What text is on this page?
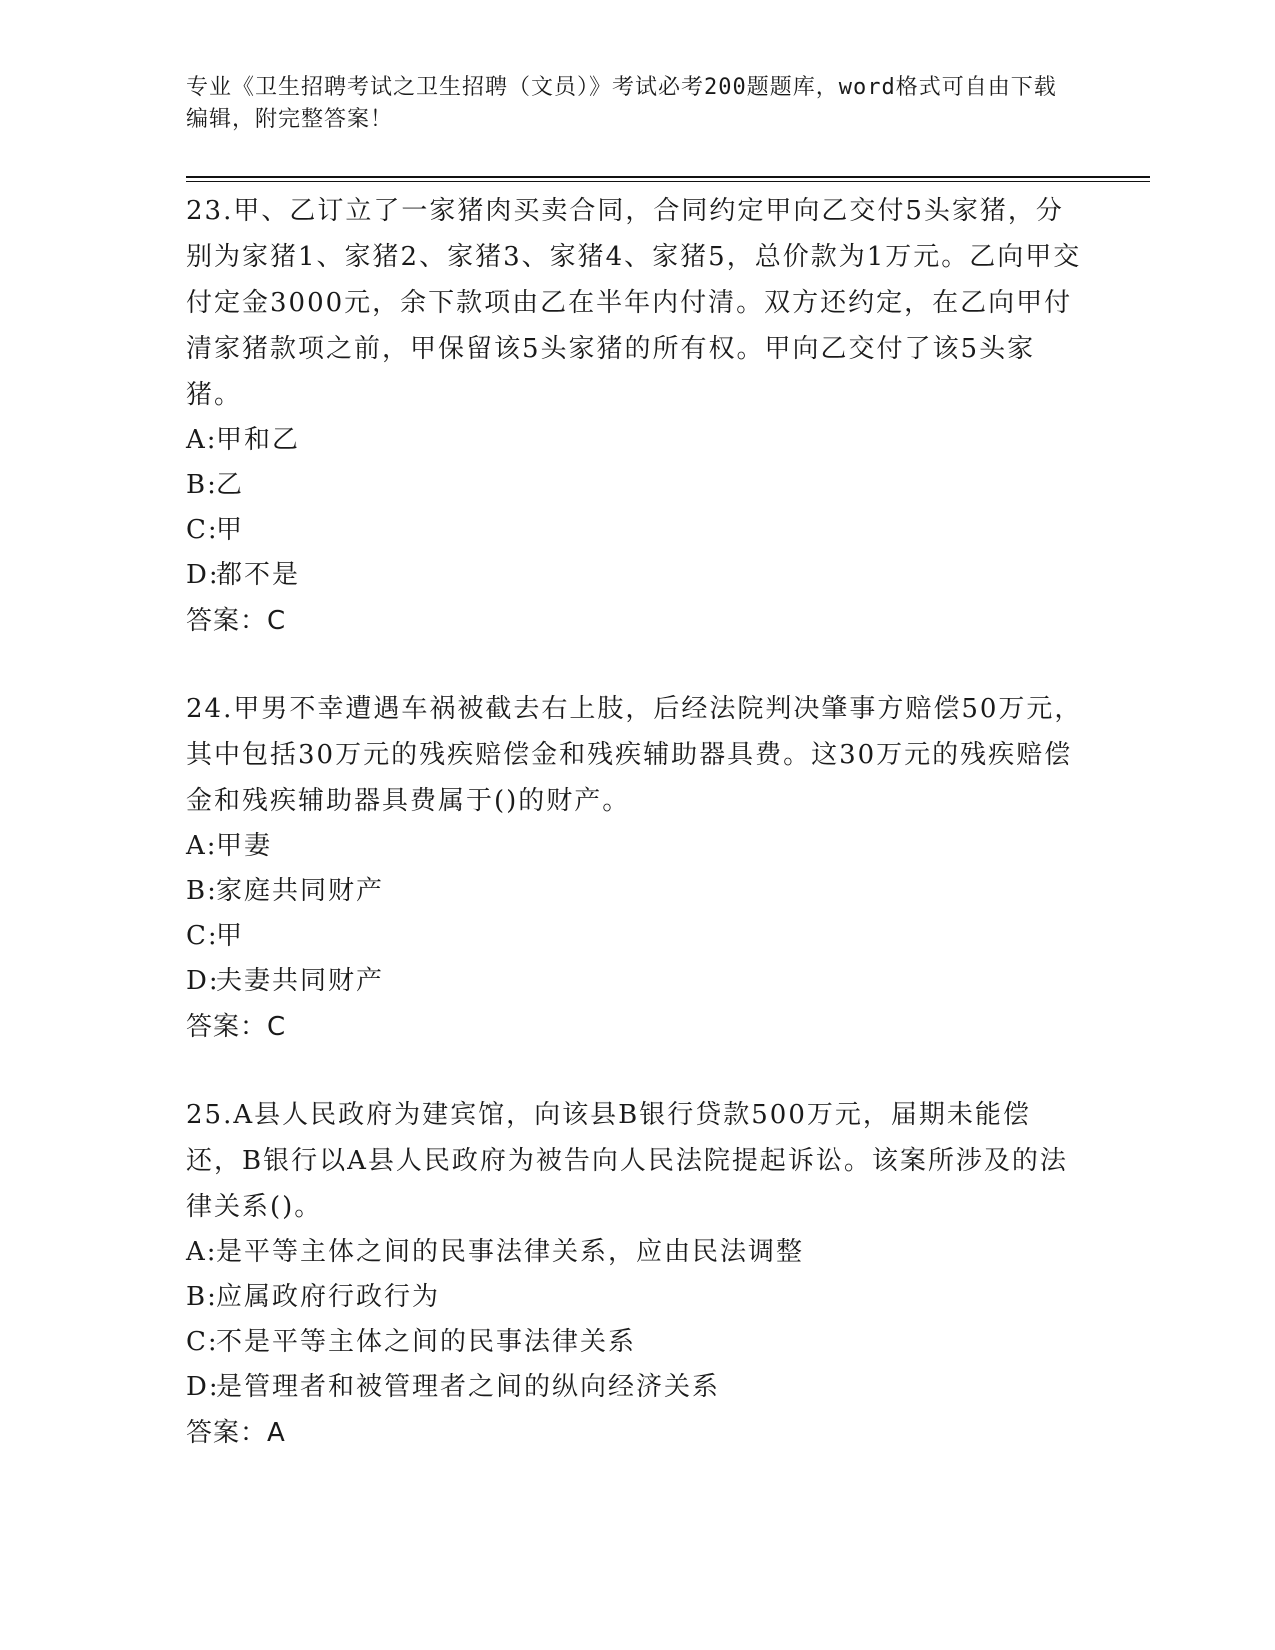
专业《卫生招聘考试之卫生招聘（文员）》考试必考200题题库，word格式可自由下载编辑，附完整答案！

23.甲、乙订立了一家猪肉买卖合同，合同约定甲向乙交付5头家猪，分别为家猪1、家猪2、家猪3、家猪4、家猪5，总价款为1万元。乙向甲交付定金3000元，余下款项由乙在半年内付清。双方还约定，在乙向甲付清家猪款项之前，甲保留该5头家猪的所有权。甲向乙交付了该5头家猪。

A:甲和乙

B:乙

C:甲

D:都不是

答案：C

24.甲男不幸遭遇车祸被截去右上肢，后经法院判决肇事方赔偿50万元，其中包括30万元的残疾赔偿金和残疾辅助器具费。这30万元的残疾赔偿金和残疾辅助器具费属于()的财产。

A:甲妻

B:家庭共同财产

C:甲

D:夫妻共同财产

答案：C

25.A县人民政府为建宾馆，向该县B银行贷款500万元，届期未能偿还，B银行以A县人民政府为被告向人民法院提起诉讼。该案所涉及的法律关系()。

A:是平等主体之间的民事法律关系，应由民法调整

B:应属政府行政行为

C:不是平等主体之间的民事法律关系

D:是管理者和被管理者之间的纵向经济关系

答案：A
